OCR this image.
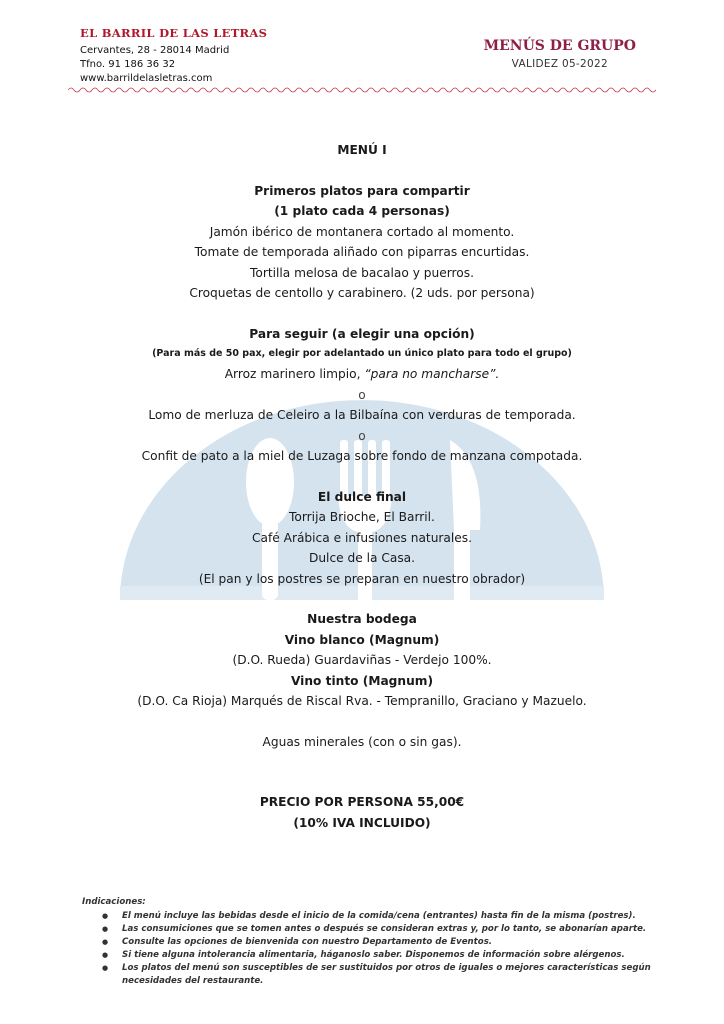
EL BARRIL DE LAS LETRAS
Cervantes, 28 - 28014 Madrid
Tfno. 91 186 36 32
www.barrildelasletras.com
MENÚS DE GRUPO
VALIDEZ 05-2022
MENÚ I
Primeros platos para compartir
(1 plato cada 4 personas)
Jamón ibérico de montanera cortado al momento.
Tomate de temporada aliñado con piparras encurtidas.
Tortilla melosa de bacalao y puerros.
Croquetas de centollo y carabinero. (2 uds. por persona)
Para seguir (a elegir una opción)
(Para más de 50 pax, elegir por adelantado un único plato para todo el grupo)
Arroz marinero limpio, “para no mancharse”.
o
Lomo de merluza de Celeiro a la Bilbaína con verduras de temporada.
o
Confit de pato a la miel de Luzaga sobre fondo de manzana compotada.
El dulce final
Torrija Brioche, El Barril.
Café Arábica e infusiones naturales.
Dulce de la Casa.
(El pan y los postres se preparan en nuestro obrador)
Nuestra bodega
Vino blanco (Magnum)
(D.O. Rueda) Guardaviñas - Verdejo 100%.
Vino tinto (Magnum)
(D.O. Ca Rioja) Marqués de Riscal Rva. - Tempranillo, Graciano y Mazuelo.
Aguas minerales (con o sin gas).
PRECIO POR PERSONA 55,00€
(10% IVA INCLUIDO)
Indicaciones:
● El menú incluye las bebidas desde el inicio de la comida/cena (entrantes) hasta fin de la misma (postres).
● Las consumiciones que se tomen antes o después se consideran extras y, por lo tanto, se abonarían aparte.
● Consulte las opciones de bienvenida con nuestro Departamento de Eventos.
● Si tiene alguna intolerancia alimentaria, háganoslo saber. Disponemos de información sobre alérgenos.
● Los platos del menú son susceptibles de ser sustituidos por otros de iguales o mejores características según necesidades del restaurante.
